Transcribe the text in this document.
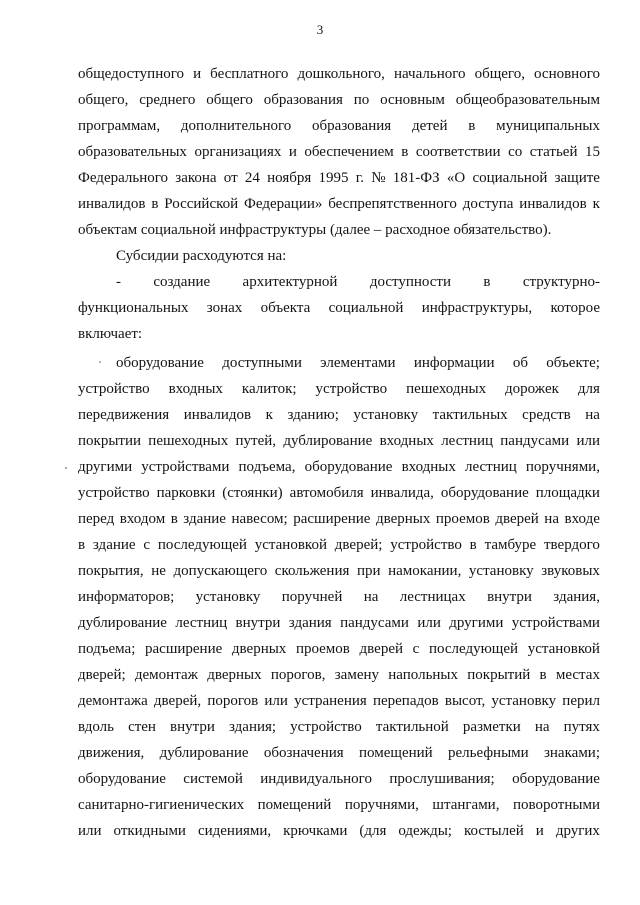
3
общедоступного и бесплатного дошкольного, начального общего, основного
общего, среднего общего образования по основным общеобразовательным
программам, дополнительного образования детей в муниципальных
образовательных организациях и обеспечением в соответствии со статьей 15
Федерального закона от 24 ноября 1995 г. № 181-ФЗ «О социальной защите
инвалидов в Российской Федерации» беспрепятственного доступа инвалидов к
объектам социальной инфраструктуры (далее – расходное обязательство).
Субсидии расходуются на:
- создание архитектурной доступности в структурно-
функциональных зонах объекта социальной инфраструктуры, которое
включает:
оборудование доступными элементами информации об объекте;
устройство входных калиток; устройство пешеходных дорожек для
передвижения инвалидов к зданию; установку тактильных средств на
покрытии пешеходных путей, дублирование входных лестниц пандусами или
другими устройствами подъема, оборудование входных лестниц поручнями,
устройство парковки (стоянки) автомобиля инвалида, оборудование площадки
перед входом в здание навесом; расширение дверных проемов дверей на входе
в здание с последующей установкой дверей; устройство в тамбуре твердого
покрытия, не допускающего скольжения при намокании, установку звуковых
информаторов; установку поручней на лестницах внутри здания,
дублирование лестниц внутри здания пандусами или другими устройствами
подъема; расширение дверных проемов дверей с последующей установкой
дверей; демонтаж дверных порогов, замену напольных покрытий в местах
демонтажа дверей, порогов или устранения перепадов высот, установку перил
вдоль стен внутри здания; устройство тактильной разметки на путях
движения, дублирование обозначения помещений рельефными знаками;
оборудование системой индивидуального прослушивания; оборудование
санитарно-гигиенических помещений поручнями, штангами, поворотными
или откидными сидениями, крючками (для одежды; костылей и других
